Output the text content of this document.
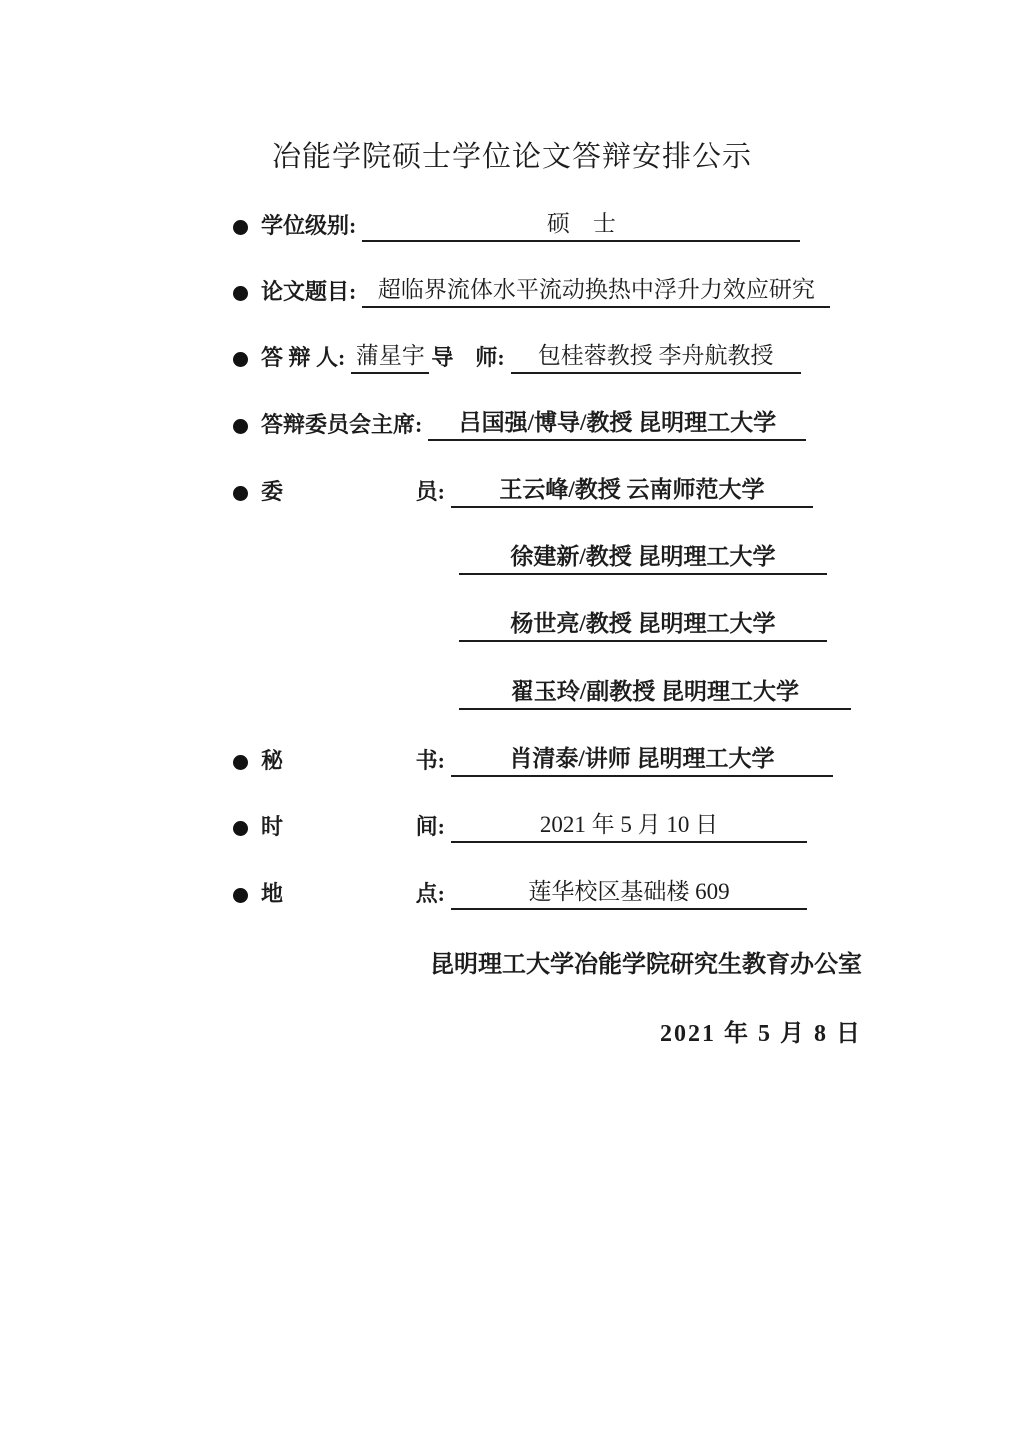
冶能学院硕士学位论文答辩安排公示
学位级别:	硕　士
论文题目: 超临界流体水平流动换热中浮升力效应研究
答 辩 人: 蒲星宇 导　师:	包桂蓉教授 李舟航教授
答辩委员会主席:	吕国强/博导/教授 昆明理工大学
委	员:	王云峰/教授 云南师范大学
徐建新/教授 昆明理工大学
杨世亮/教授 昆明理工大学
翟玉玲/副教授 昆明理工大学
秘	书:	肖清泰/讲师 昆明理工大学
时	间:	2021 年 5 月 10 日
地	点:	莲华校区基础楼 609
昆明理工大学冶能学院研究生教育办公室
2021 年 5 月 8 日
